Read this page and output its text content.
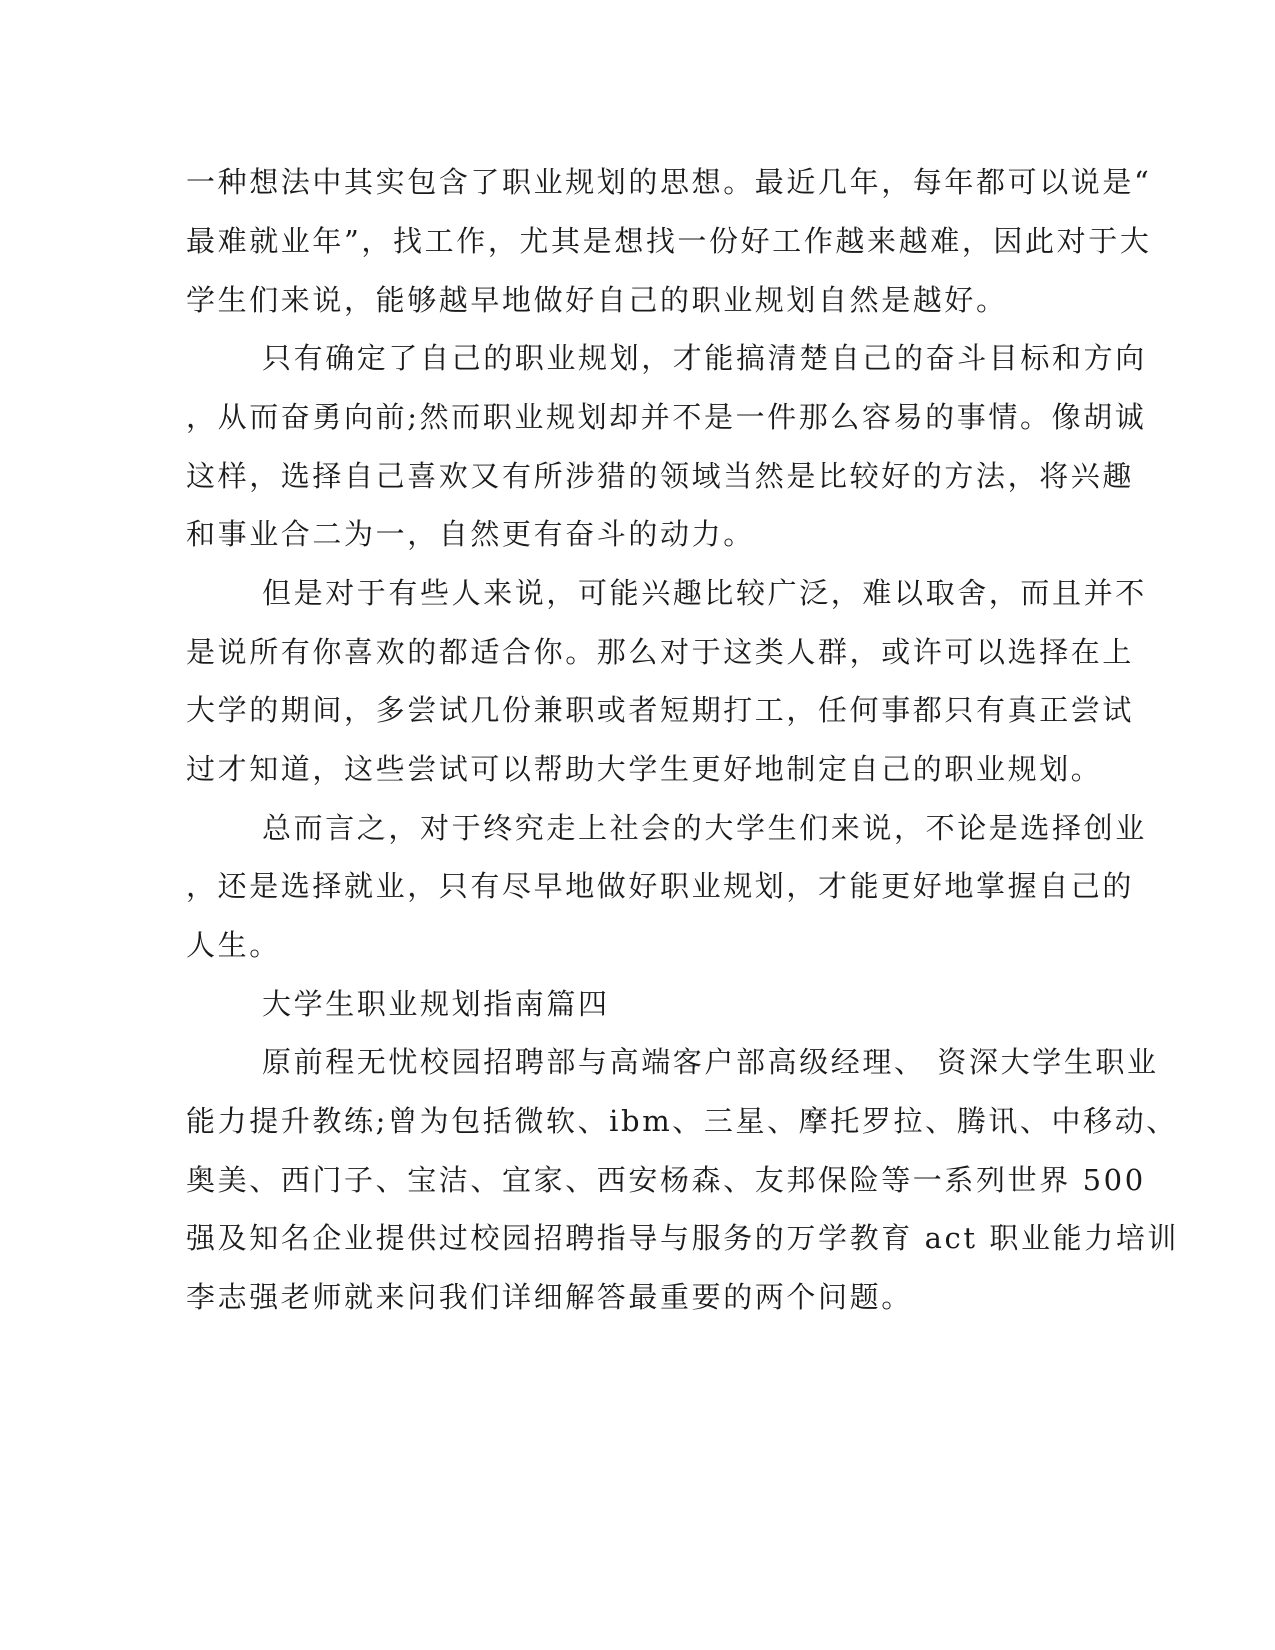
一种想法中其实包含了职业规划的思想。最近几年，每年都可以说是“
最难就业年”，找工作，尤其是想找一份好工作越来越难，因此对于大
学生们来说，能够越早地做好自己的职业规划自然是越好。
只有确定了自己的职业规划，才能搞清楚自己的奋斗目标和方向
，从而奋勇向前;然而职业规划却并不是一件那么容易的事情。像胡诚
这样，选择自己喜欢又有所涉猎的领域当然是比较好的方法，将兴趣
和事业合二为一，自然更有奋斗的动力。
但是对于有些人来说，可能兴趣比较广泛，难以取舍，而且并不
是说所有你喜欢的都适合你。那么对于这类人群，或许可以选择在上
大学的期间，多尝试几份兼职或者短期打工，任何事都只有真正尝试
过才知道，这些尝试可以帮助大学生更好地制定自己的职业规划。
总而言之，对于终究走上社会的大学生们来说，不论是选择创业
，还是选择就业，只有尽早地做好职业规划，才能更好地掌握自己的
人生。
大学生职业规划指南篇四
原前程无忧校园招聘部与高端客户部高级经理、 资深大学生职业
能力提升教练;曾为包括微软、ibm、三星、摩托罗拉、腾讯、中移动、
奥美、西门子、宝洁、宜家、西安杨森、友邦保险等一系列世界 500
强及知名企业提供过校园招聘指导与服务的万学教育 act 职业能力培训
李志强老师就来问我们详细解答最重要的两个问题。
